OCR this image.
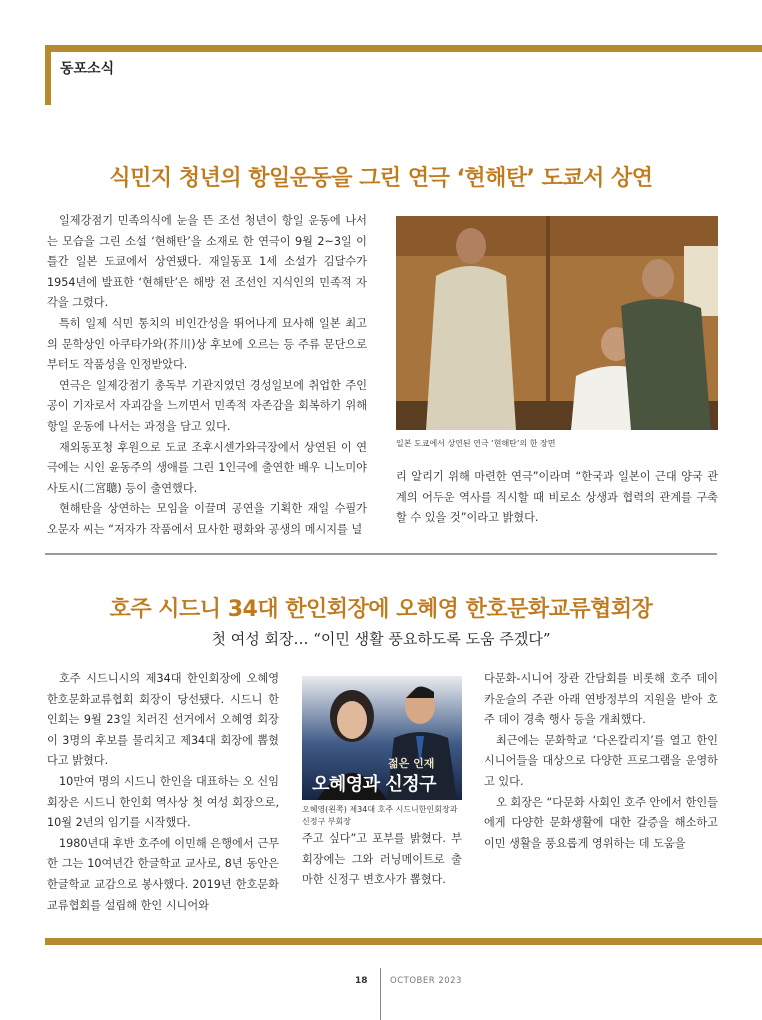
동포소식
식민지 청년의 항일운동을 그린 연극 ‘현해탄’ 도쿄서 상연

일제강점기 민족의식에 눈을 뜬 조선 청년이 항일 운동에 나서는 모습을 그린 소설 ‘현해탄’을 소재로 한 연극이 9월 2~3일 이틀간 일본 도쿄에서 상연됐다. 재일동포 1세 소설가 김달수가 1954년에 발표한 ‘현해탄’은 해방 전 조선인 지식인의 민족적 자각을 그렸다.

특히 일제 식민 통치의 비인간성을 뛰어나게 묘사해 일본 최고의 문학상인 아쿠타가와(芥川)상 후보에 오르는 등 주류 문단으로부터도 작품성을 인정받았다.

연극은 일제강점기 총독부 기관지였던 경성일보에 취업한 주인공이 기자로서 자괴감을 느끼면서 민족적 자존감을 회복하기 위해 항일 운동에 나서는 과정을 담고 있다.

재외동포청 후원으로 도쿄 조후시센가와극장에서 상연된 이 연극에는 시인 윤동주의 생애를 그린 1인극에 출연한 배우 니노미야 사토시(二宮聰) 등이 출연했다.

현해탄을 상연하는 모임을 이끌며 공연을 기획한 재일 수필가 오문자 씨는 “저자가 작품에서 묘사한 평화와 공생의 메시지를 널

일본 도쿄에서 상연된 연극 ‘현해탄’의 한 장면

리 알리기 위해 마련한 연극”이라며 “한국과 일본이 근대 양국 관계의 어두운 역사를 직시할 때 비로소 상생과 협력의 관계를 구축할 수 있을 것”이라고 밝혔다.

호주 시드니 34대 한인회장에 오혜영 한호문화교류협회장
첫 여성 회장… “이민 생활 풍요하도록 도움 주겠다”

호주 시드니시의 제34대 한인회장에 오혜영 한호문화교류협회 회장이 당선됐다. 시드니 한인회는 9월 23일 치러진 선거에서 오혜영 회장이 3명의 후보를 물리치고 제34대 회장에 뽑혔다고 밝혔다.

10만여 명의 시드니 한인을 대표하는 오 신임 회장은 시드니 한인회 역사상 첫 여성 회장으로, 10월 2년의 임기를 시작했다.

1980년대 후반 호주에 이민해 은행에서 근무한 그는 10여년간 한글학교 교사로, 8년 동안은 한글학교 교감으로 봉사했다. 2019년 한호문화교류협회를 설립해 한인 시니어와

젊은 인재
오혜영과 신정구
오혜영(왼쪽) 제34대 호주 시드니한인회장과 신정구 부회장

주고 싶다”고 포부를 밝혔다. 부회장에는 그와 러닝메이트로 출마한 신정구 변호사가 뽑혔다.

다문화-시니어 장관 간담회를 비롯해 호주 데이 카운슬의 주관 아래 연방정부의 지원을 받아 호주 데이 경축 행사 등을 개최했다.

최근에는 문화학교 ‘다온칼리지’를 열고 한인 시니어들을 대상으로 다양한 프로그램을 운영하고 있다.

오 회장은 “다문화 사회인 호주 안에서 한인들에게 다양한 문화생활에 대한 갈증을 해소하고 이민 생활을 풍요롭게 영위하는 데 도움을

18	OCTOBER 2023
